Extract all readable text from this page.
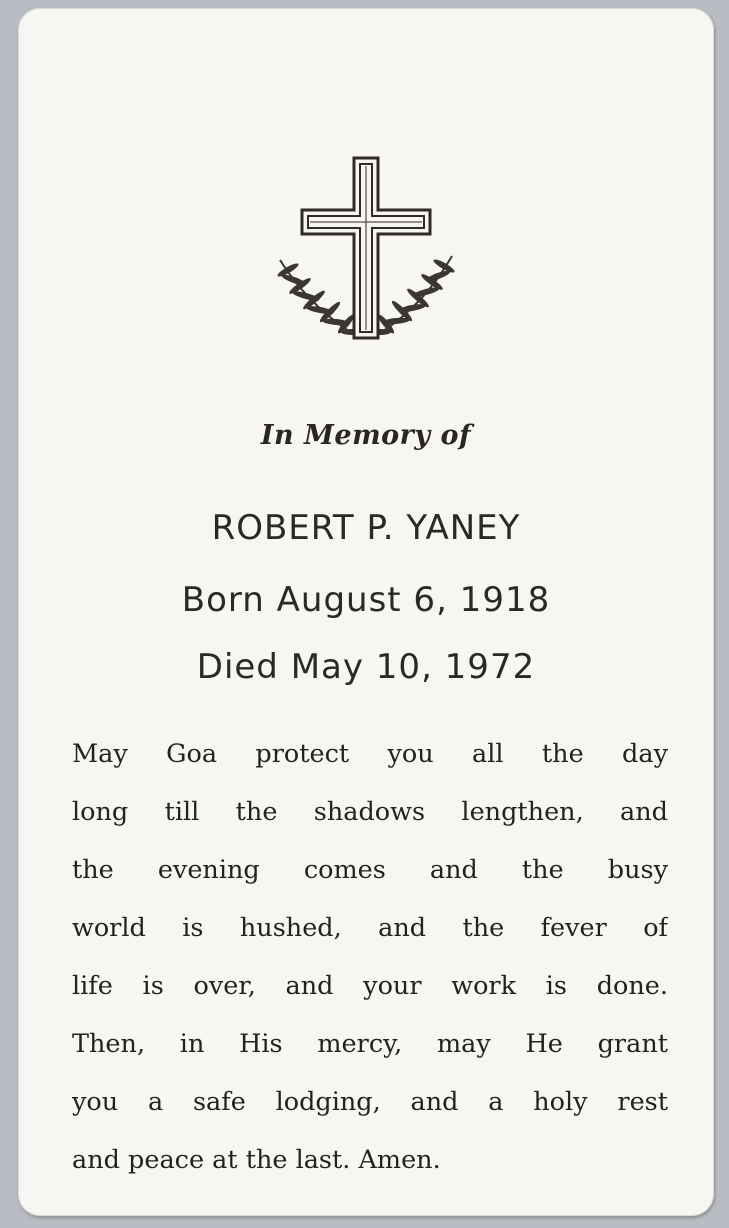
In Memory of
ROBERT P. YANEY
Born August 6, 1918
Died May 10, 1972
May Goa protect you all the day
long till the shadows lengthen, and
the evening comes and the busy
world is hushed, and the fever of
life is over, and your work is done.
Then, in His mercy, may He grant
you a safe lodging, and a holy rest
and peace at the last. Amen.
